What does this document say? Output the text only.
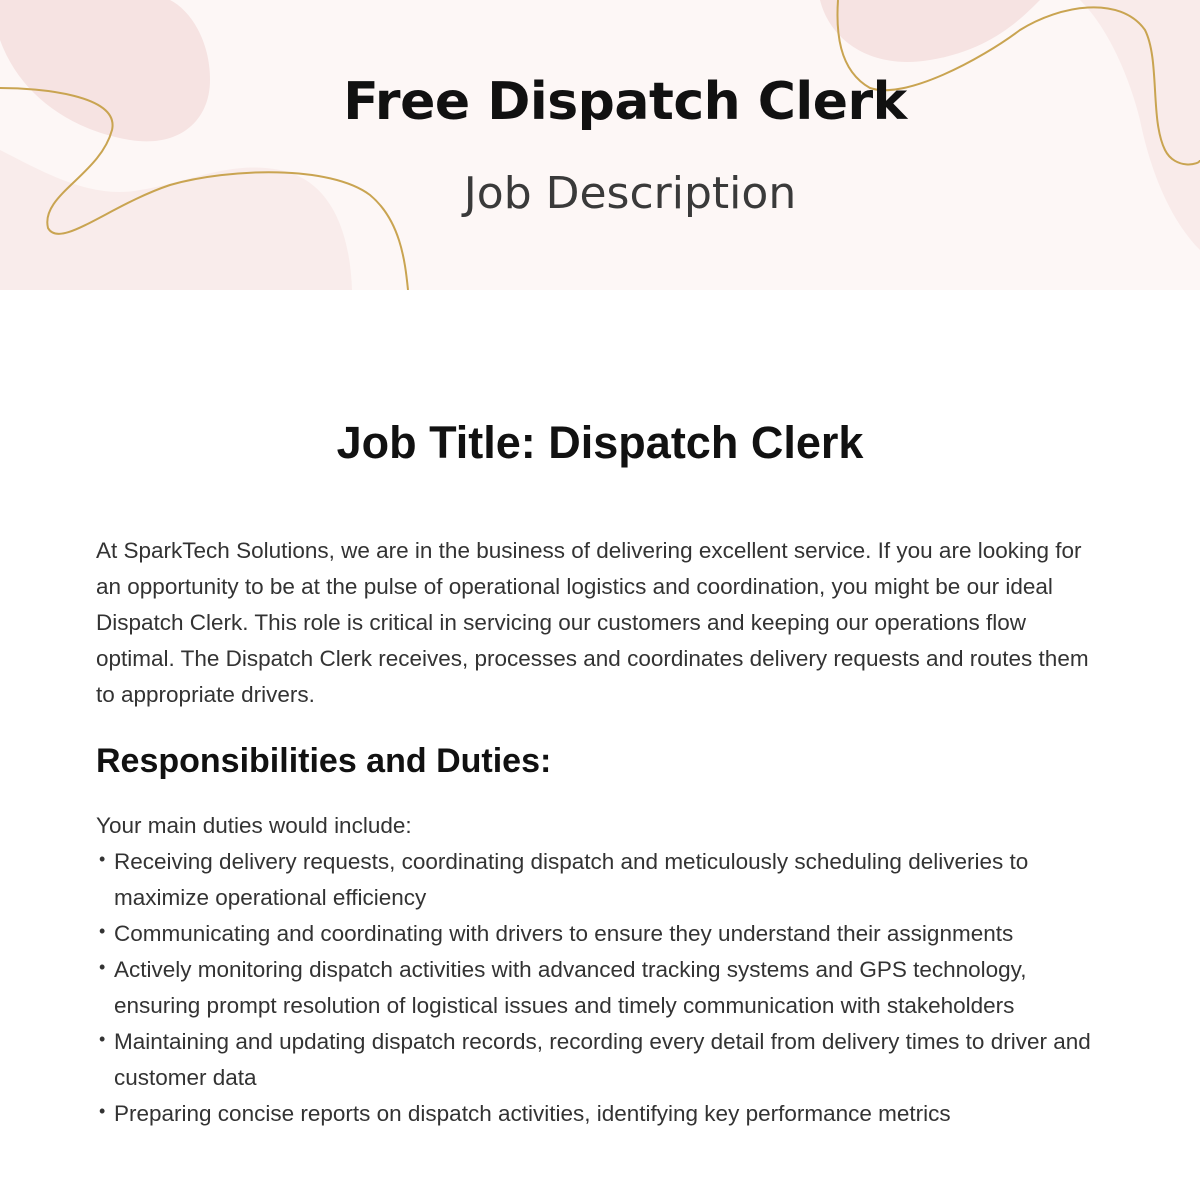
Free Dispatch Clerk
Job Description
Job Title: Dispatch Clerk

At SparkTech Solutions, we are in the business of delivering excellent service. If you are looking for an opportunity to be at the pulse of operational logistics and coordination, you might be our ideal Dispatch Clerk. This role is critical in servicing our customers and keeping our operations flow optimal. The Dispatch Clerk receives, processes and coordinates delivery requests and routes them to appropriate drivers.

Responsibilities and Duties:

Your main duties would include:

• Receiving delivery requests, coordinating dispatch and meticulously scheduling deliveries to maximize operational efficiency
• Communicating and coordinating with drivers to ensure they understand their assignments
• Actively monitoring dispatch activities with advanced tracking systems and GPS technology, ensuring prompt resolution of logistical issues and timely communication with stakeholders
• Maintaining and updating dispatch records, recording every detail from delivery times to driver and customer data
• Preparing concise reports on dispatch activities, identifying key performance metrics
